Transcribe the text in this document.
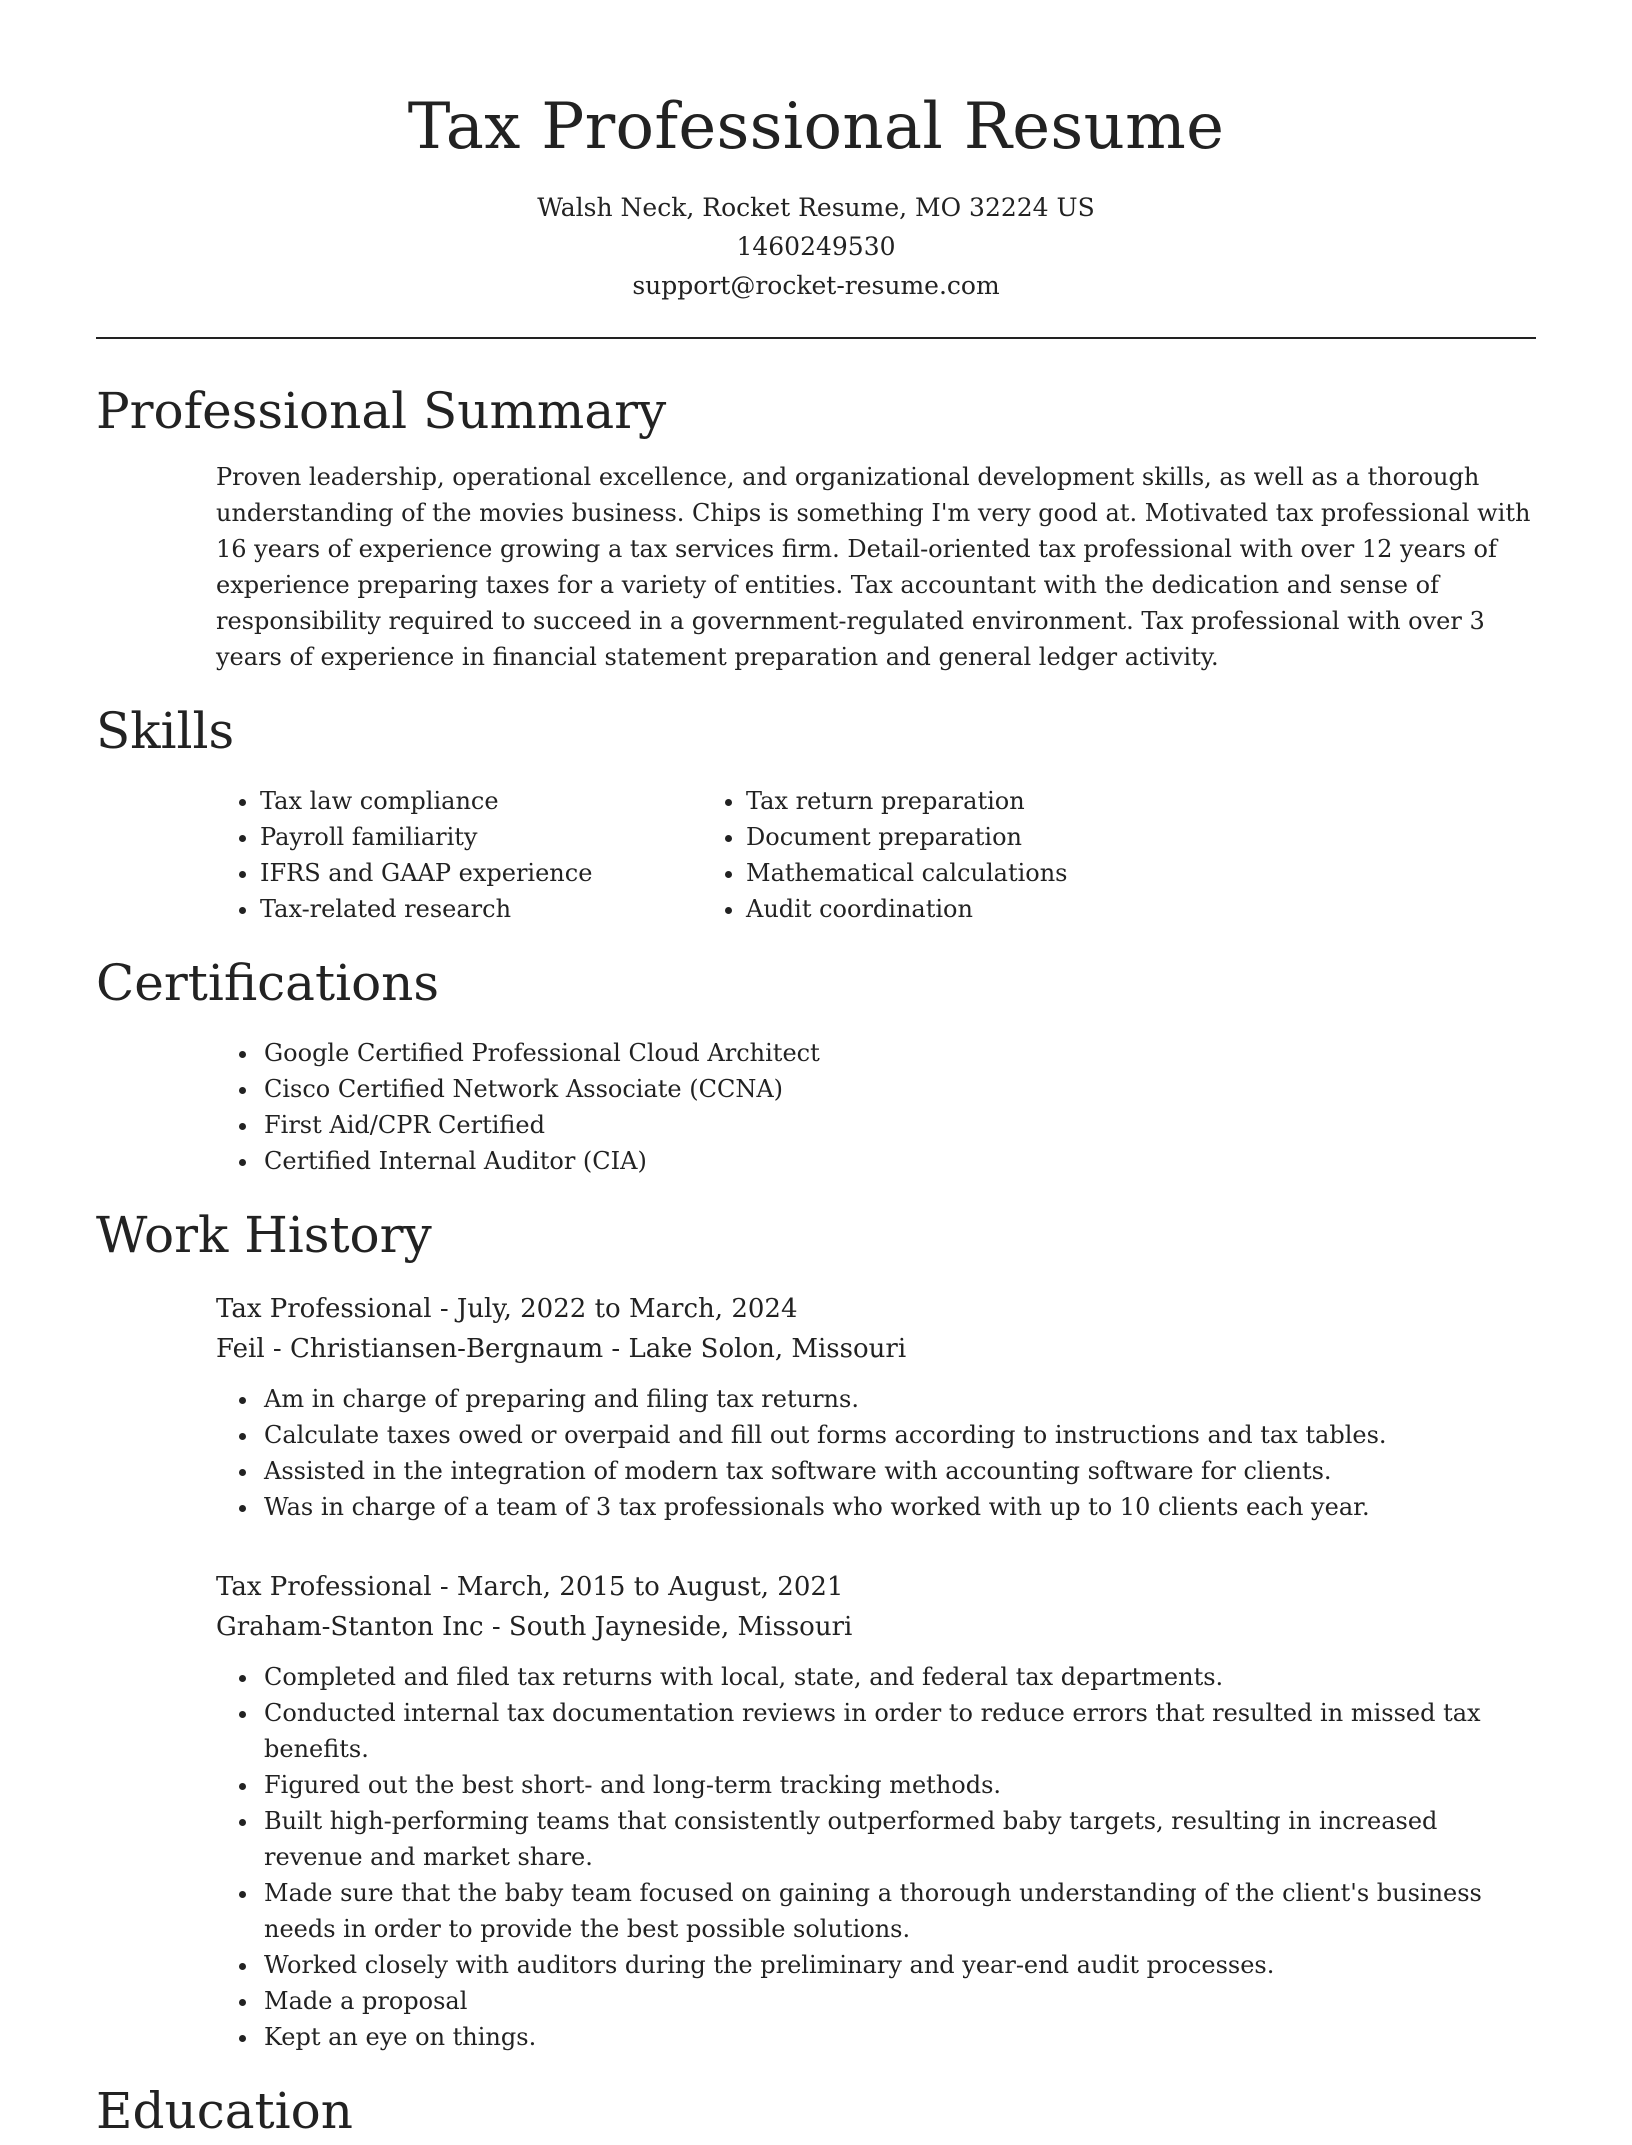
Tax Professional Resume
Walsh Neck, Rocket Resume, MO 32224 US
1460249530
support@rocket-resume.com
Professional Summary

Proven leadership, operational excellence, and organizational development skills, as well as a thorough understanding of the movies business. Chips is something I'm very good at. Motivated tax professional with 16 years of experience growing a tax services firm. Detail-oriented tax professional with over 12 years of experience preparing taxes for a variety of entities. Tax accountant with the dedication and sense of responsibility required to succeed in a government-regulated environment. Tax professional with over 3 years of experience in financial statement preparation and general ledger activity.

Skills
• Tax law compliance
• Payroll familiarity
• IFRS and GAAP experience
• Tax-related research
• Tax return preparation
• Document preparation
• Mathematical calculations
• Audit coordination
Certifications
• Google Certified Professional Cloud Architect
• Cisco Certified Network Associate (CCNA)
• First Aid/CPR Certified
• Certified Internal Auditor (CIA)
Work History
Tax Professional - July, 2022 to March, 2024
Feil - Christiansen-Bergnaum - Lake Solon, Missouri
• Am in charge of preparing and filing tax returns.
• Calculate taxes owed or overpaid and fill out forms according to instructions and tax tables.
• Assisted in the integration of modern tax software with accounting software for clients.
• Was in charge of a team of 3 tax professionals who worked with up to 10 clients each year.
Tax Professional - March, 2015 to August, 2021
Graham-Stanton Inc - South Jayneside, Missouri
• Completed and filed tax returns with local, state, and federal tax departments.
• Conducted internal tax documentation reviews in order to reduce errors that resulted in missed tax benefits.
• Figured out the best short- and long-term tracking methods.
• Built high-performing teams that consistently outperformed baby targets, resulting in increased revenue and market share.
• Made sure that the baby team focused on gaining a thorough understanding of the client's business needs in order to provide the best possible solutions.
• Worked closely with auditors during the preliminary and year-end audit processes.
• Made a proposal
• Kept an eye on things.
Education
